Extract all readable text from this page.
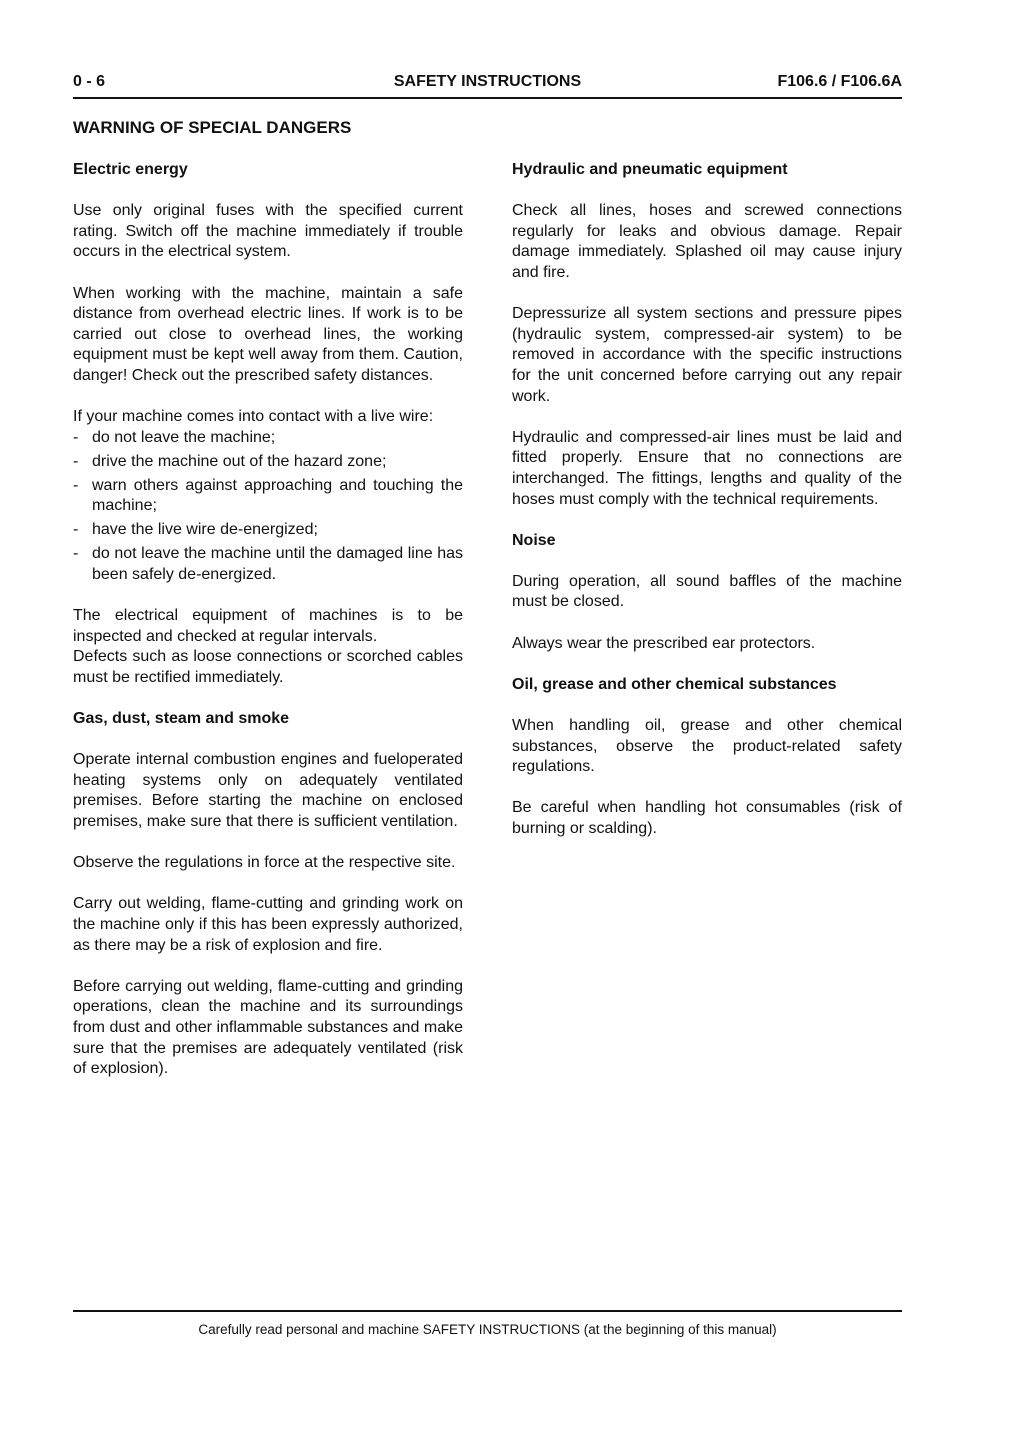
0 - 6	SAFETY INSTRUCTIONS	F106.6 / F106.6A
WARNING OF SPECIAL DANGERS
Electric energy

Use only original fuses with the specified current rating. Switch off the machine immediately if trouble occurs in the electrical system.

When working with the machine, maintain a safe distance from overhead electric lines. If work is to be carried out close to overhead lines, the working equipment must be kept well away from them. Caution, danger! Check out the prescribed safety distances.

If your machine comes into contact with a live wire:

- do not leave the machine;
- drive the machine out of the hazard zone;
- warn others against approaching and touching the machine;
- have the live wire de-energized;
- do not leave the machine until the damaged line has been safely de-energized.

The electrical equipment of machines is to be inspected and checked at regular intervals.

Defects such as loose connections or scorched cables must be rectified immediately.

Gas, dust, steam and smoke

Operate internal combustion engines and fueloperated heating systems only on adequately ventilated premises. Before starting the machine on enclosed premises, make sure that there is sufficient ventilation.

Observe the regulations in force at the respective site.

Carry out welding, flame-cutting and grinding work on the machine only if this has been expressly authorized, as there may be a risk of explosion and fire.

Before carrying out welding, flame-cutting and grinding operations, clean the machine and its surroundings from dust and other inflammable substances and make sure that the premises are adequately ventilated (risk of explosion).

Hydraulic and pneumatic equipment

Check all lines, hoses and screwed connections regularly for leaks and obvious damage. Repair damage immediately. Splashed oil may cause injury and fire.

Depressurize all system sections and pressure pipes (hydraulic system, compressed-air system) to be removed in accordance with the specific instructions for the unit concerned before carrying out any repair work.

Hydraulic and compressed-air lines must be laid and fitted properly. Ensure that no connections are interchanged. The fittings, lengths and quality of the hoses must comply with the technical requirements.

Noise

During operation, all sound baffles of the machine must be closed.

Always wear the prescribed ear protectors.

Oil, grease and other chemical substances

When handling oil, grease and other chemical substances, observe the product-related safety regulations.

Be careful when handling hot consumables (risk of burning or scalding).

Carefully read personal and machine SAFETY INSTRUCTIONS (at the beginning of this manual)
